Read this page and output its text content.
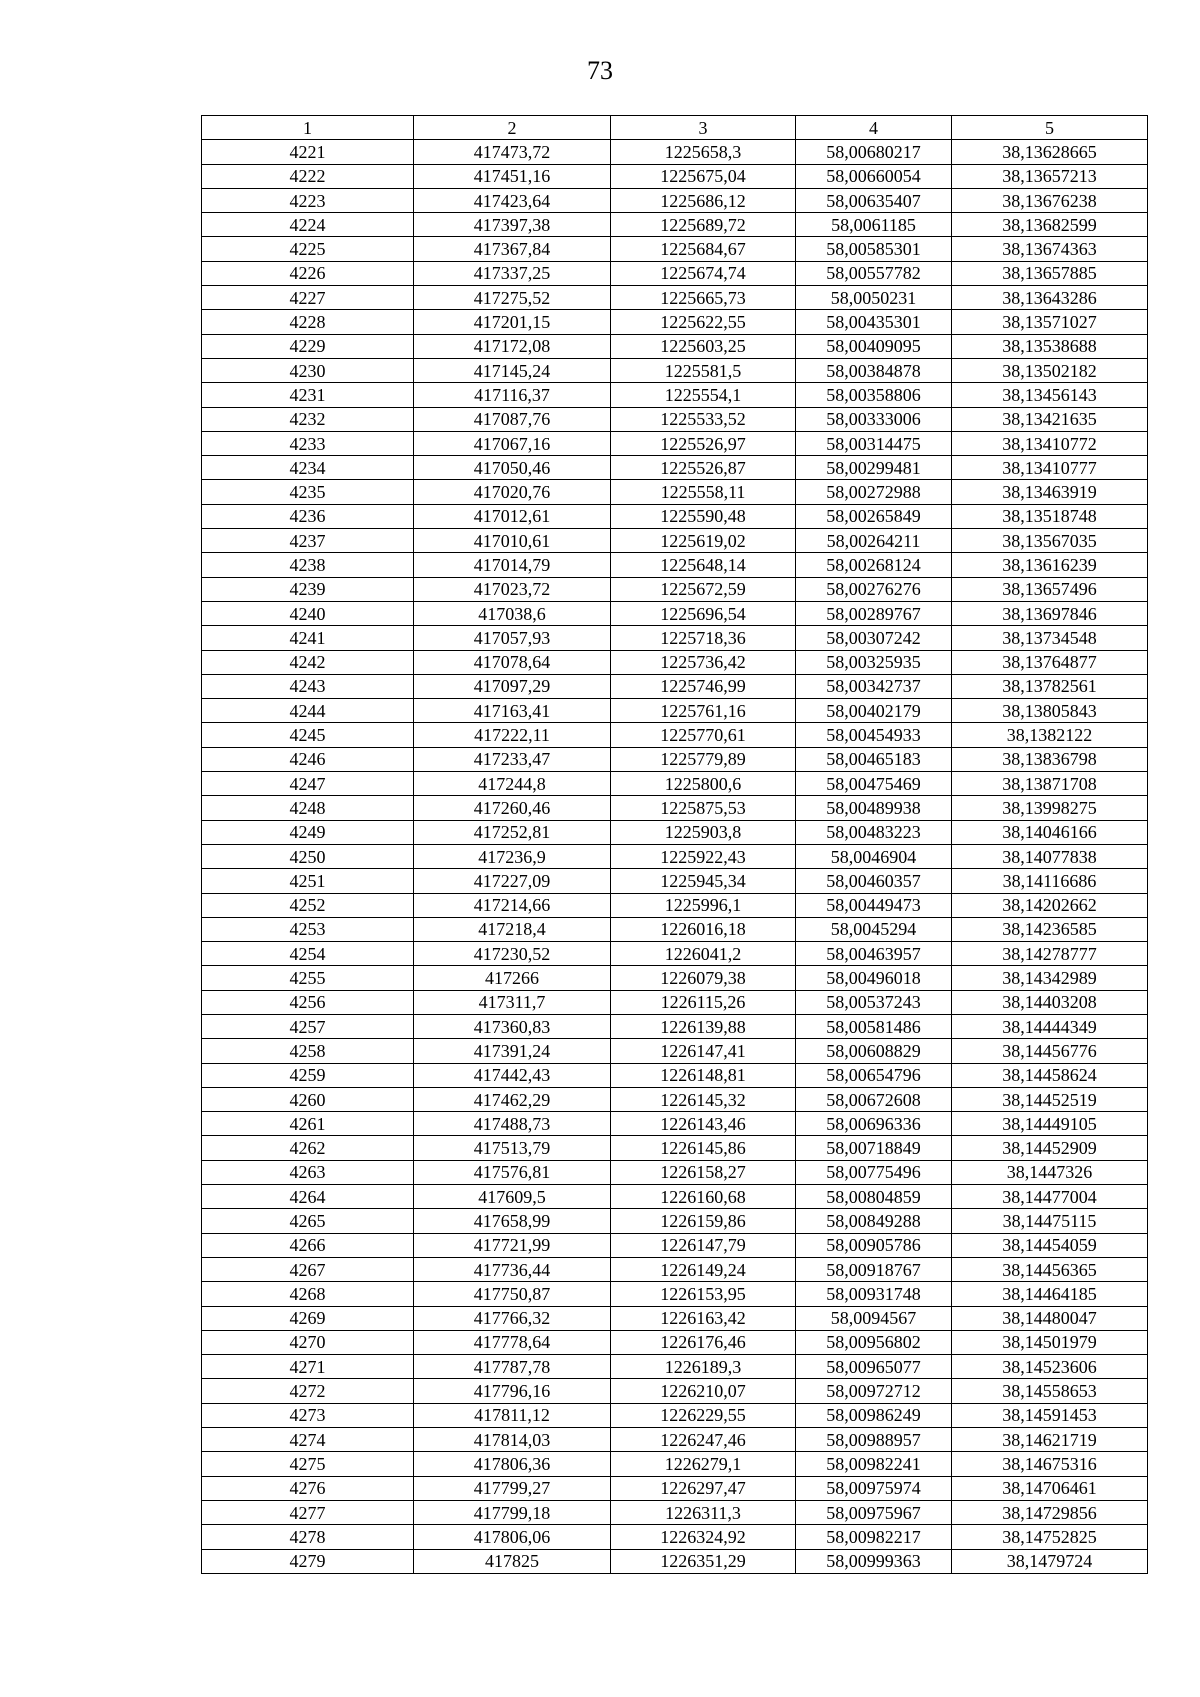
73
1	2	3	4	5
4221	417473,72	1225658,3	58,00680217	38,13628665
4222	417451,16	1225675,04	58,00660054	38,13657213
4223	417423,64	1225686,12	58,00635407	38,13676238
4224	417397,38	1225689,72	58,0061185	38,13682599
4225	417367,84	1225684,67	58,00585301	38,13674363
4226	417337,25	1225674,74	58,00557782	38,13657885
4227	417275,52	1225665,73	58,0050231	38,13643286
4228	417201,15	1225622,55	58,00435301	38,13571027
4229	417172,08	1225603,25	58,00409095	38,13538688
4230	417145,24	1225581,5	58,00384878	38,13502182
4231	417116,37	1225554,1	58,00358806	38,13456143
4232	417087,76	1225533,52	58,00333006	38,13421635
4233	417067,16	1225526,97	58,00314475	38,13410772
4234	417050,46	1225526,87	58,00299481	38,13410777
4235	417020,76	1225558,11	58,00272988	38,13463919
4236	417012,61	1225590,48	58,00265849	38,13518748
4237	417010,61	1225619,02	58,00264211	38,13567035
4238	417014,79	1225648,14	58,00268124	38,13616239
4239	417023,72	1225672,59	58,00276276	38,13657496
4240	417038,6	1225696,54	58,00289767	38,13697846
4241	417057,93	1225718,36	58,00307242	38,13734548
4242	417078,64	1225736,42	58,00325935	38,13764877
4243	417097,29	1225746,99	58,00342737	38,13782561
4244	417163,41	1225761,16	58,00402179	38,13805843
4245	417222,11	1225770,61	58,00454933	38,1382122
4246	417233,47	1225779,89	58,00465183	38,13836798
4247	417244,8	1225800,6	58,00475469	38,13871708
4248	417260,46	1225875,53	58,00489938	38,13998275
4249	417252,81	1225903,8	58,00483223	38,14046166
4250	417236,9	1225922,43	58,0046904	38,14077838
4251	417227,09	1225945,34	58,00460357	38,14116686
4252	417214,66	1225996,1	58,00449473	38,14202662
4253	417218,4	1226016,18	58,0045294	38,14236585
4254	417230,52	1226041,2	58,00463957	38,14278777
4255	417266	1226079,38	58,00496018	38,14342989
4256	417311,7	1226115,26	58,00537243	38,14403208
4257	417360,83	1226139,88	58,00581486	38,14444349
4258	417391,24	1226147,41	58,00608829	38,14456776
4259	417442,43	1226148,81	58,00654796	38,14458624
4260	417462,29	1226145,32	58,00672608	38,14452519
4261	417488,73	1226143,46	58,00696336	38,14449105
4262	417513,79	1226145,86	58,00718849	38,14452909
4263	417576,81	1226158,27	58,00775496	38,1447326
4264	417609,5	1226160,68	58,00804859	38,14477004
4265	417658,99	1226159,86	58,00849288	38,14475115
4266	417721,99	1226147,79	58,00905786	38,14454059
4267	417736,44	1226149,24	58,00918767	38,14456365
4268	417750,87	1226153,95	58,00931748	38,14464185
4269	417766,32	1226163,42	58,0094567	38,14480047
4270	417778,64	1226176,46	58,00956802	38,14501979
4271	417787,78	1226189,3	58,00965077	38,14523606
4272	417796,16	1226210,07	58,00972712	38,14558653
4273	417811,12	1226229,55	58,00986249	38,14591453
4274	417814,03	1226247,46	58,00988957	38,14621719
4275	417806,36	1226279,1	58,00982241	38,14675316
4276	417799,27	1226297,47	58,00975974	38,14706461
4277	417799,18	1226311,3	58,00975967	38,14729856
4278	417806,06	1226324,92	58,00982217	38,14752825
4279	417825	1226351,29	58,00999363	38,1479724
